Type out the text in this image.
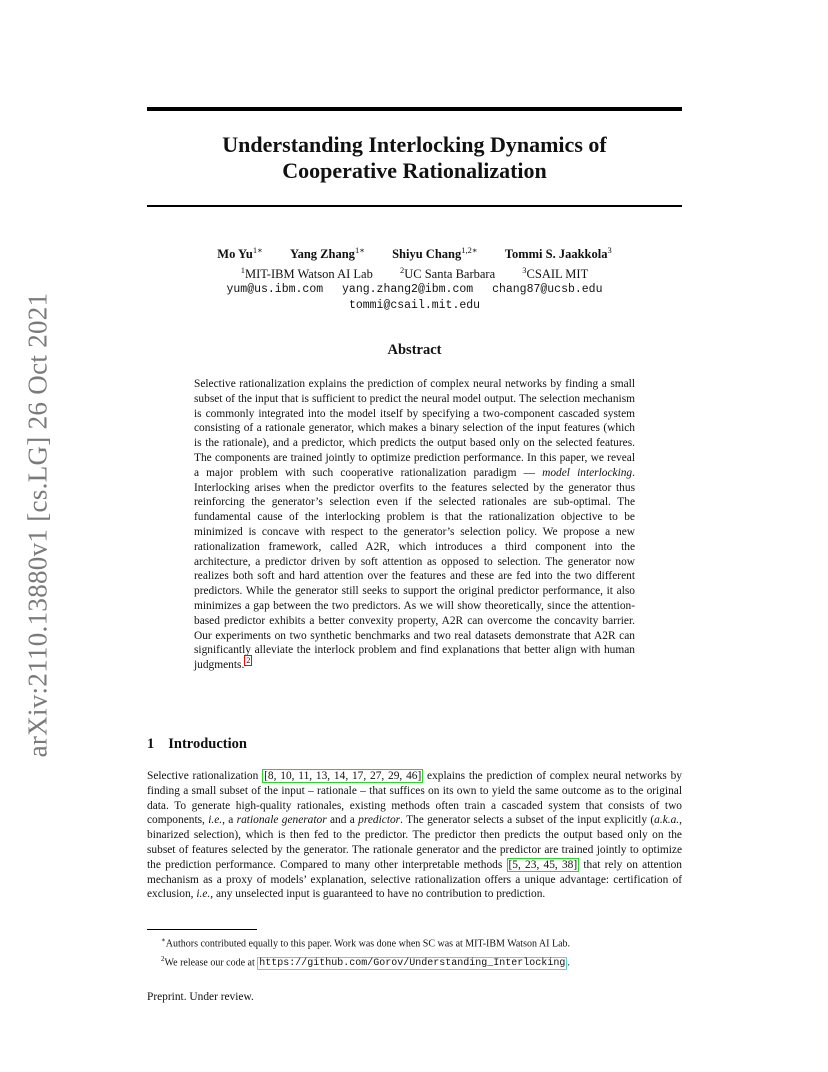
arXiv:2110.13880v1 [cs.LG] 26 Oct 2021
Understanding Interlocking Dynamics of
Cooperative Rationalization
Mo $Yu^{1∗}$ Yang Zhang$^{1∗}$ Shiyu Chang$^{1,2∗}$ Tommi S. Jaakkola$^3$
$^1$MIT-IBM Watson AI Lab	$^2$UC Santa Barbara	$^3$CSAIL MIT
yum@us.ibm.com yang.zhang2@ibm.com chang87@ucsb.edu
tommi@csail.mit.edu
Abstract

Selective rationalization explains the prediction of complex neural networks by finding a small subset of the input that is sufficient to predict the neural model output. The selection mechanism is commonly integrated into the model itself by specifying a two-component cascaded system consisting of a rationale generator, which makes a binary selection of the input features (which is the rationale), and a predictor, which predicts the output based only on the selected features. The components are trained jointly to optimize prediction performance. In this paper, we reveal a major problem with such cooperative rationalization paradigm — model interlocking. Interlocking arises when the predictor overfits to the features selected by the generator thus reinforcing the generator’s selection even if the selected rationales are sub-optimal. The fundamental cause of the interlocking problem is that the rationalization objective to be minimized is concave with respect to the generator’s selection policy. We propose a new rationalization framework, called A2R, which introduces a third component into the architecture, a predictor driven by soft attention as opposed to selection. The generator now realizes both soft and hard attention over the features and these are fed into the two different predictors. While the generator still seeks to support the original predictor performance, it also minimizes a gap between the two predictors. As we will show theoretically, since the attention-based predictor exhibits a better convexity property, A2R can overcome the concavity barrier. Our experiments on two synthetic benchmarks and two real datasets demonstrate that A2R can significantly alleviate the interlock problem and find explanations that better align with human judgments. $^2$

1 Introduction

Selective rationalization [8, 10, 11, 13, 14, 17, 27, 29, 46] explains the prediction of complex neural networks by finding a small subset of the input – rationale – that suffices on its own to yield the same outcome as to the original data. To generate high-quality rationales, existing methods often train a cascaded system that consists of two components, i.e., a rationale generator and a predictor. The generator selects a subset of the input explicitly (a.k.a., binarized selection), which is then fed to the predictor. The predictor then predicts the output based only on the subset of features selected by the generator. The rationale generator and the predictor are trained jointly to optimize the prediction performance. Compared to many other interpretable methods [5, 23, 45, 38] that rely on attention mechanism as a proxy of models’ explanation, selective rationalization offers a unique advantage: certification of exclusion, i.e., any unselected input is guaranteed to have no contribution to prediction.

∗Authors contributed equally to this paper. Work was done when SC was at MIT-IBM Watson AI Lab.

$^2$We release our code at https://github.com/Gorov/Understanding_Interlocking .

Preprint. Under review.
